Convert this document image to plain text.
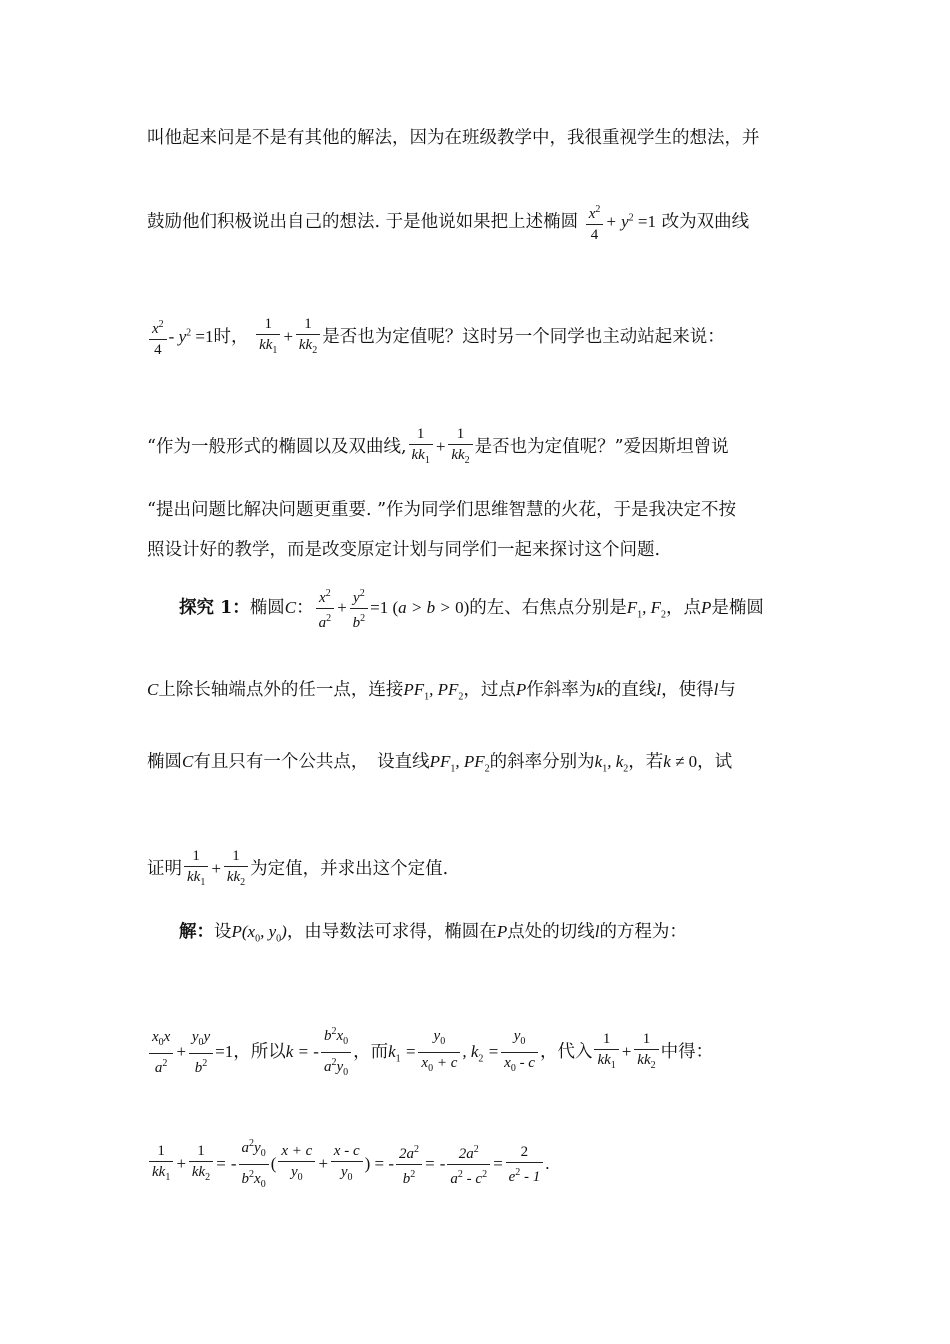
叫他起来问是不是有其他的解法，因为在班级教学中，我很重视学生的想法，并
鼓励他们积极说出自己的想法. 于是他说如果把上述椭圆 $\frac{x^2}{4} + y^2 =1$ 改为双曲线
$\frac{x^2}{4} - y^2 =1$时， $\frac{1}{kk_1} + \frac{1}{kk_2}$ 是否也为定值呢？这时另一个同学也主动站起来说：
“作为一般形式的椭圆以及双曲线, $\frac{1}{kk_1} + \frac{1}{kk_2}$ 是否也为定值呢？”爱因斯坦曾说
“提出问题比解决问题更重要. ”作为同学们思维智慧的火花，于是我决定不按
照设计好的教学，而是改变原定计划与同学们一起来探讨这个问题.
探究 1：椭圆C： $\frac{x^2}{a^2} + \frac{y^2}{b^2} =1$ (a > b > 0)的左、右焦点分别是$F_1$, $F_2$，点P是椭圆
C上除长轴端点外的任一点，连接$PF_1$, $PF_2$，过点P作斜率为k的直线l，使得l与
椭圆C有且只有一个公共点，　设直线$PF_1$, $PF_2$的斜率分别为$k_1$, $k_2$，若k ≠ 0，试
证明 $\frac{1}{kk_1} + \frac{1}{kk_2}$ 为定值，并求出这个定值.
解：设$P(x_0$, $y_0$)，由导数法可求得，椭圆在P点处的切线l的方程为：
$\frac{x_0x}{a^2} + \frac{y_0y}{b^2} =1$，所以k = - $\frac{b^2x_0}{a^2y_0}$ ，而$k_1 = \frac{y_0}{x_0 + c}$ , $k_2 = \frac{y_0}{x_0 - c}$ ，代入 $\frac{1}{kk_1} + \frac{1}{kk_2}$ 中得：
$\frac{1}{kk_1} + \frac{1}{kk_2}$ = - $\frac{a^2y_0}{b^2x_0}$ ( $\frac{x + c}{y_0} + \frac{x - c}{y_0}$ ) = - $\frac{2a^2}{b^2}$ = - $\frac{2a^2}{a^2 - c^2} = \frac{2}{e^2 - 1}$ .
